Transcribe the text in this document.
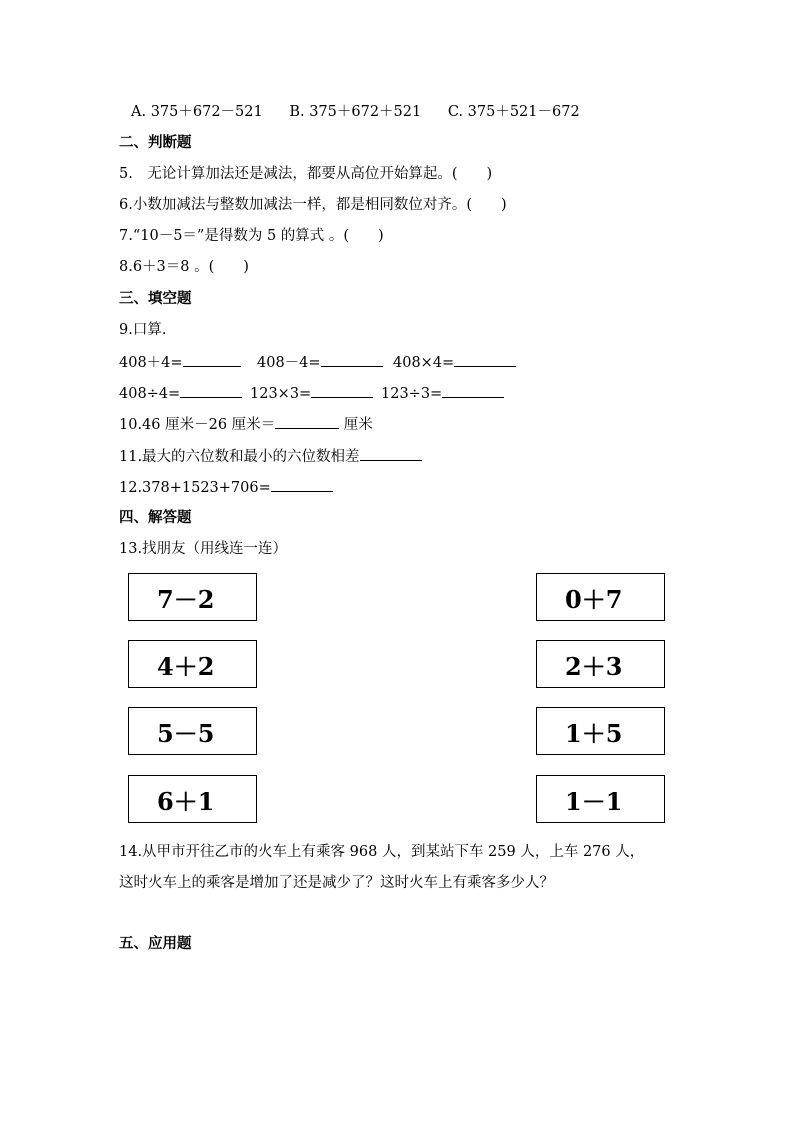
A. 375＋672－521 B. 375＋672＋521 C. 375＋521－672
二、判断题
5.　无论计算加法还是减法，都要从高位开始算起。(　　)
6.小数加减法与整数加减法一样，都是相同数位对齐。(　　)
7.“10－5＝”是得数为 5 的算式 。(　　)
8.6＋3＝8 。(　　)
三、填空题
9.口算.
408＋4=	408－4=	408×4=
408÷4=	123×3=	123÷3=
10.46 厘米－26 厘米＝	厘米
11.最大的六位数和最小的六位数相差
12.378+1523+706=
四、解答题
13.找朋友（用线连一连）
7－2
4＋2
5－5
6＋1
0＋7
2＋3
1＋5
1－1
14.从甲市开往乙市的火车上有乘客 968 人，到某站下车 259 人，上车 276 人，
这时火车上的乘客是增加了还是减少了？这时火车上有乘客多少人？
五、应用题
